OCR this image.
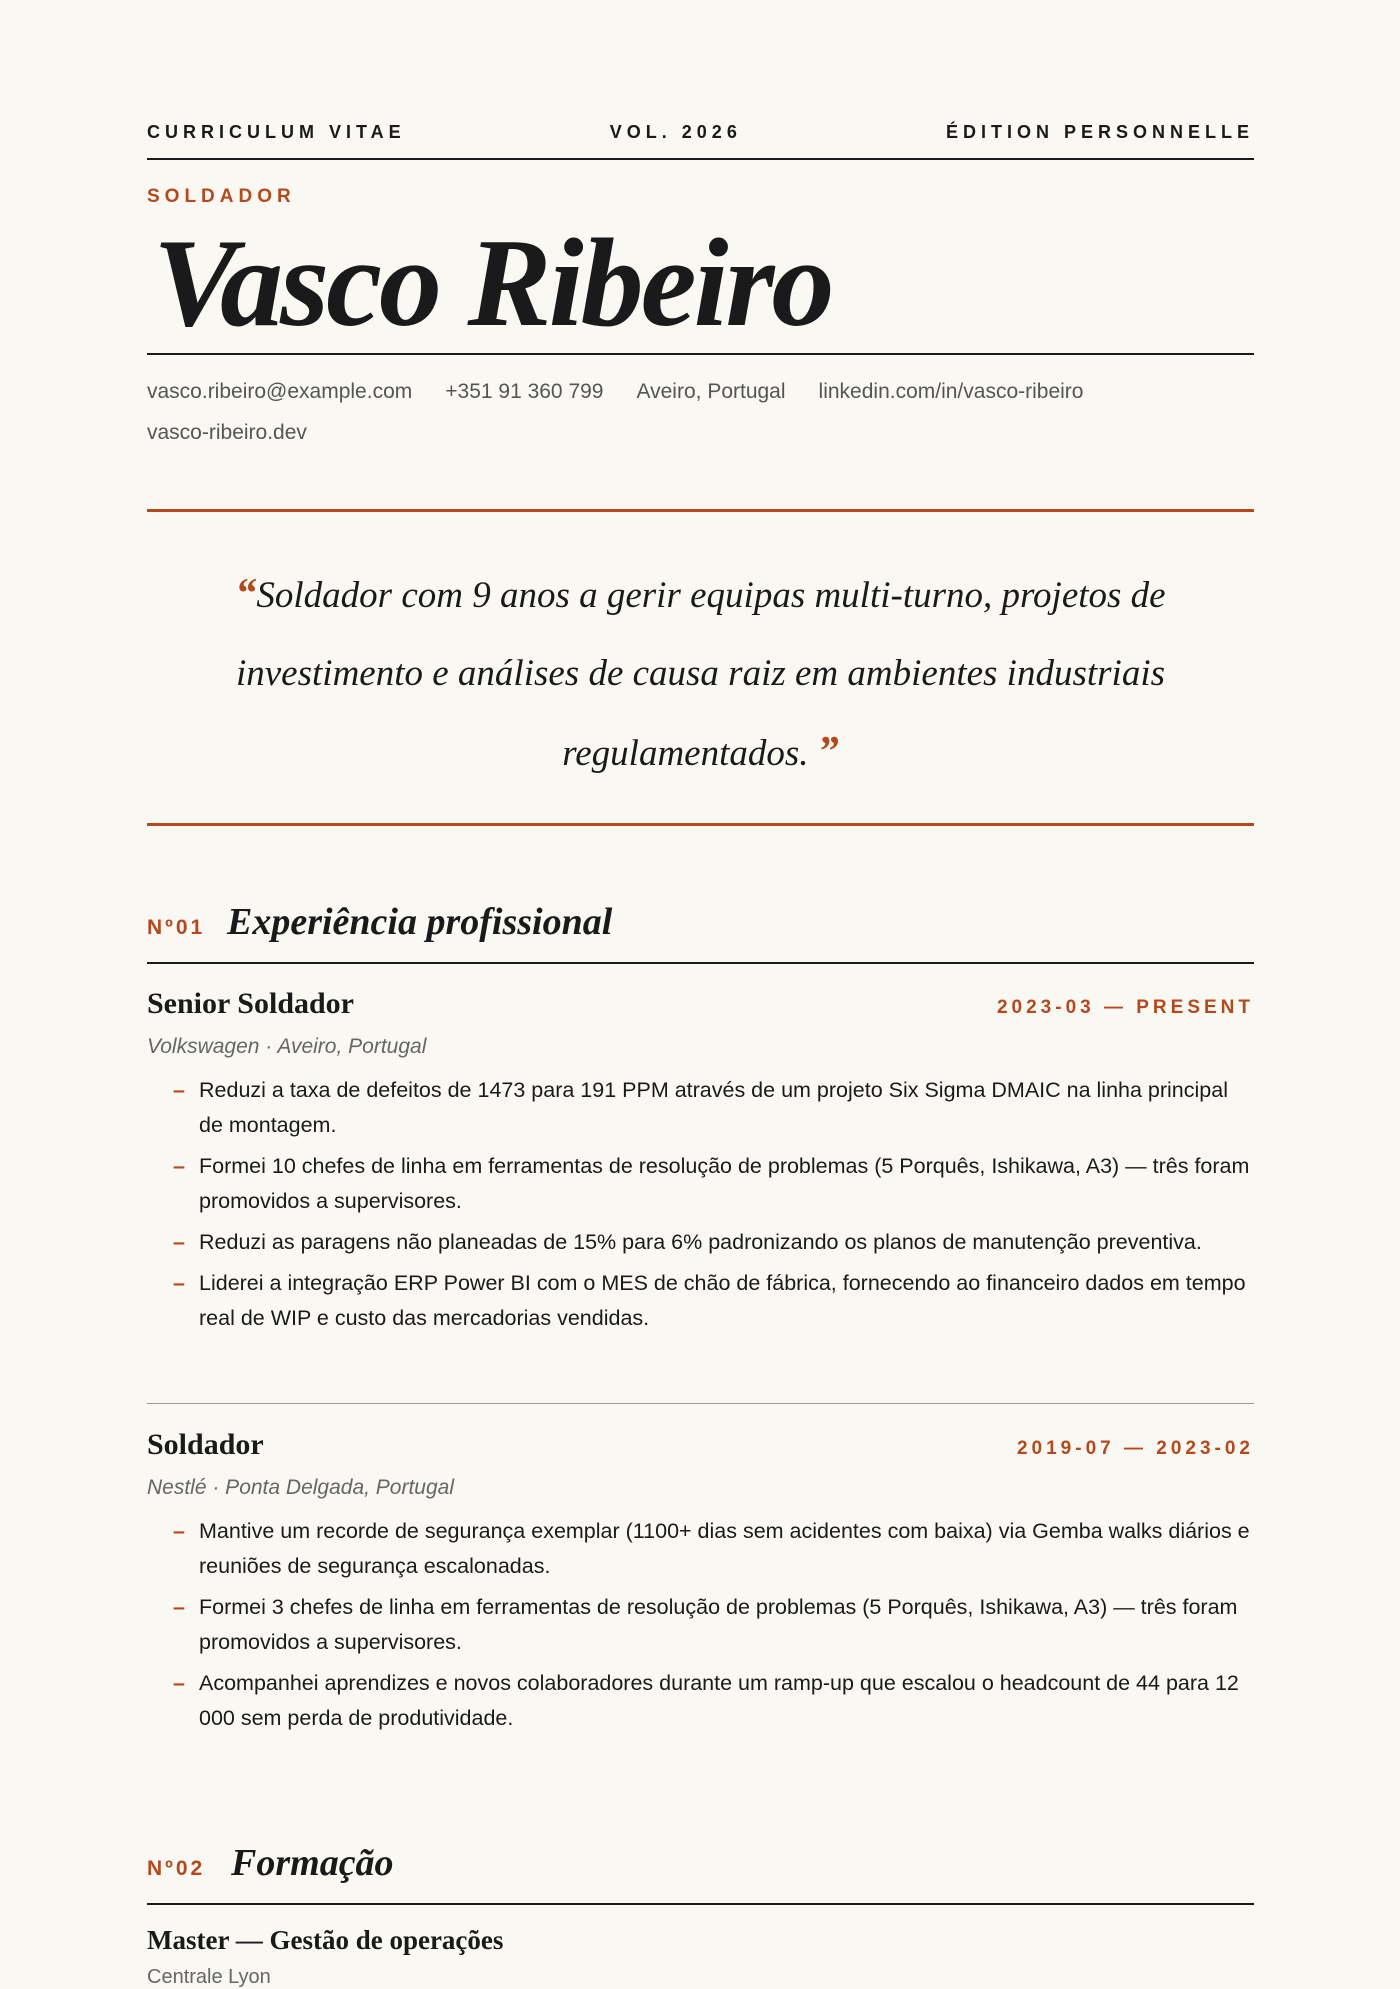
CURRICULUM VITAE	VOL. 2026	ÉDITION PERSONNELLE
SOLDADOR
Vasco Ribeiro
vasco.ribeiro@example.com +351 91 360 799 Aveiro, Portugal linkedin.com/in/vasco-ribeiro
vasco-ribeiro.dev
“Soldador com 9 anos a gerir equipas multi-turno, projetos de investimento e análises de causa raiz em ambientes industriais regulamentados. ”
Nº01 Experiência profissional
Senior Soldador	2023-03 — PRESENT
Volkswagen · Aveiro, Portugal
– Reduzi a taxa de defeitos de 1473 para 191 PPM através de um projeto Six Sigma DMAIC na linha principal de montagem.
– Formei 10 chefes de linha em ferramentas de resolução de problemas (5 Porquês, Ishikawa, A3) — três foram promovidos a supervisores.
– Reduzi as paragens não planeadas de 15% para 6% padronizando os planos de manutenção preventiva.
– Liderei a integração ERP Power BI com o MES de chão de fábrica, fornecendo ao financeiro dados em tempo real de WIP e custo das mercadorias vendidas.
Soldador	2019-07 — 2023-02
Nestlé · Ponta Delgada, Portugal
– Mantive um recorde de segurança exemplar (1100+ dias sem acidentes com baixa) via Gemba walks diários e reuniões de segurança escalonadas.
– Formei 3 chefes de linha em ferramentas de resolução de problemas (5 Porquês, Ishikawa, A3) — três foram promovidos a supervisores.
– Acompanhei aprendizes e novos colaboradores durante um ramp-up que escalou o headcount de 44 para 12 000 sem perda de produtividade.
Nº02 Formação
Master — Gestão de operações
Centrale Lyon
